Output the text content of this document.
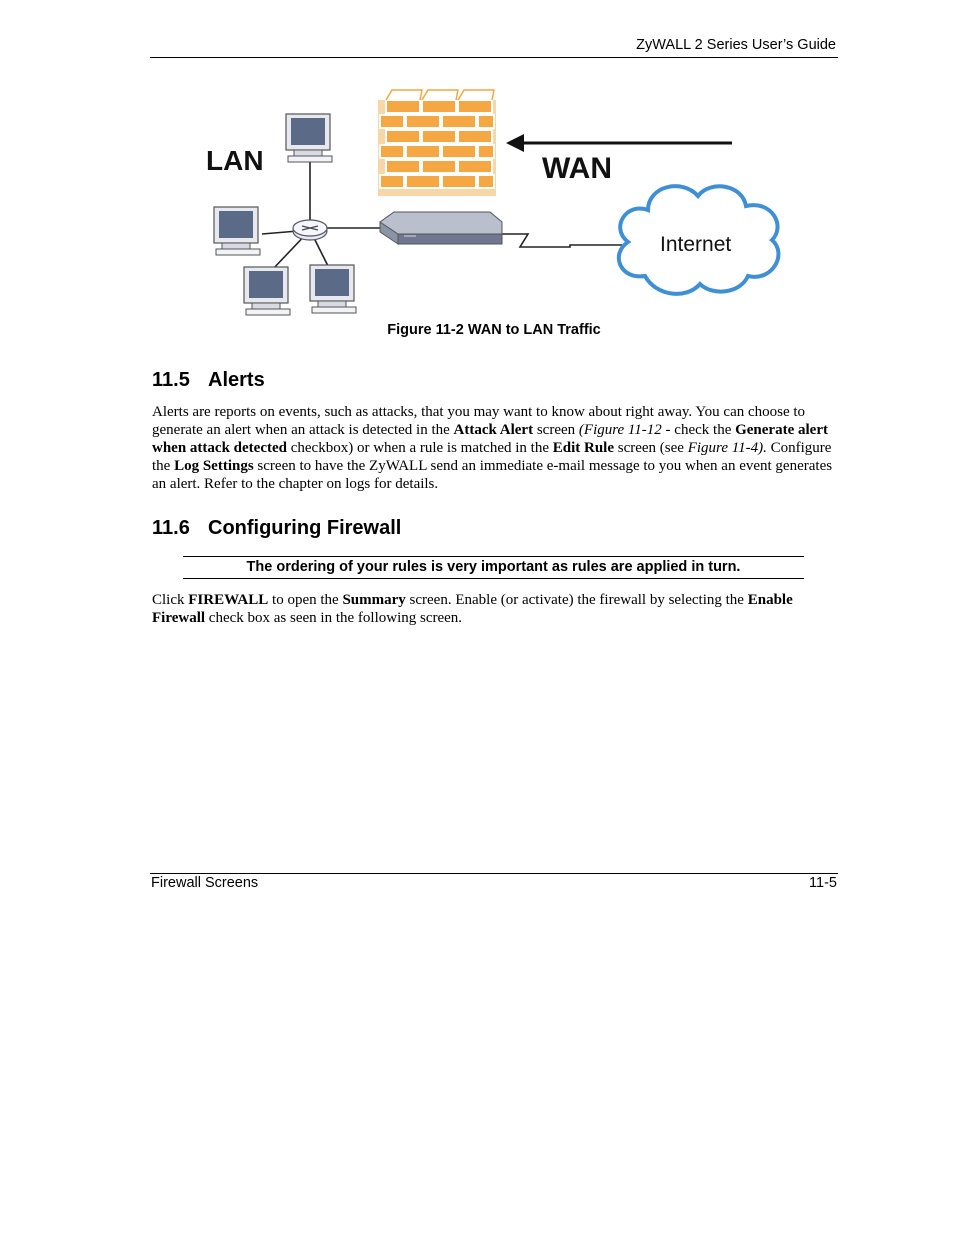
ZyWALL 2 Series User’s Guide
LAN	WAN
Internet
Figure 11-2 WAN to LAN Traffic
11.5 Alerts

Alerts are reports on events, such as attacks, that you may want to know about right away. You can choose to generate an alert when an attack is detected in the Attack Alert screen (Figure 11-12 - check the Generate alert when attack detected checkbox) or when a rule is matched in the Edit Rule screen (see Figure 11-4). Configure the Log Settings screen to have the ZyWALL send an immediate e-mail message to you when an event generates an alert. Refer to the chapter on logs for details.

11.6 Configuring Firewall
The ordering of your rules is very important as rules are applied in turn.

Click FIREWALL to open the Summary screen. Enable (or activate) the firewall by selecting the Enable Firewall check box as seen in the following screen.

Firewall Screens	11-5
